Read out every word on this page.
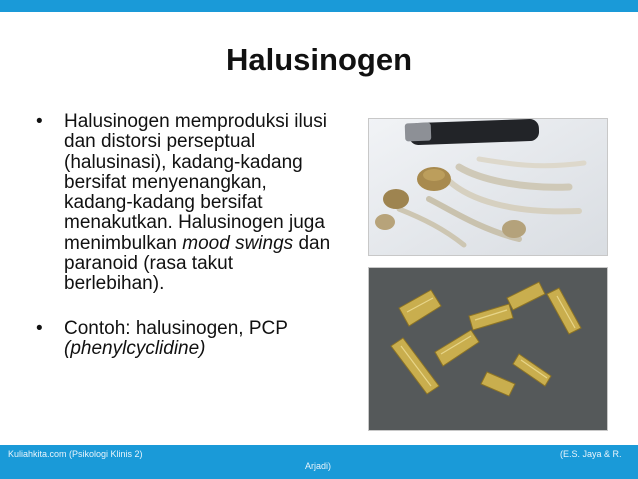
Halusinogen
•	Halusinogen memproduksi ilusi dan distorsi perseptual (halusinasi), kadang-kadang bersifat menyenangkan, kadang-kadang bersifat menakutkan. Halusinogen juga menimbulkan mood swings dan paranoid (rasa takut berlebihan).
•	Contoh: halusinogen, PCP (phenylcyclidine)
Kuliahkita.com (Psikologi Klinis 2)	(E.S. Jaya & R.
Arjadi)
